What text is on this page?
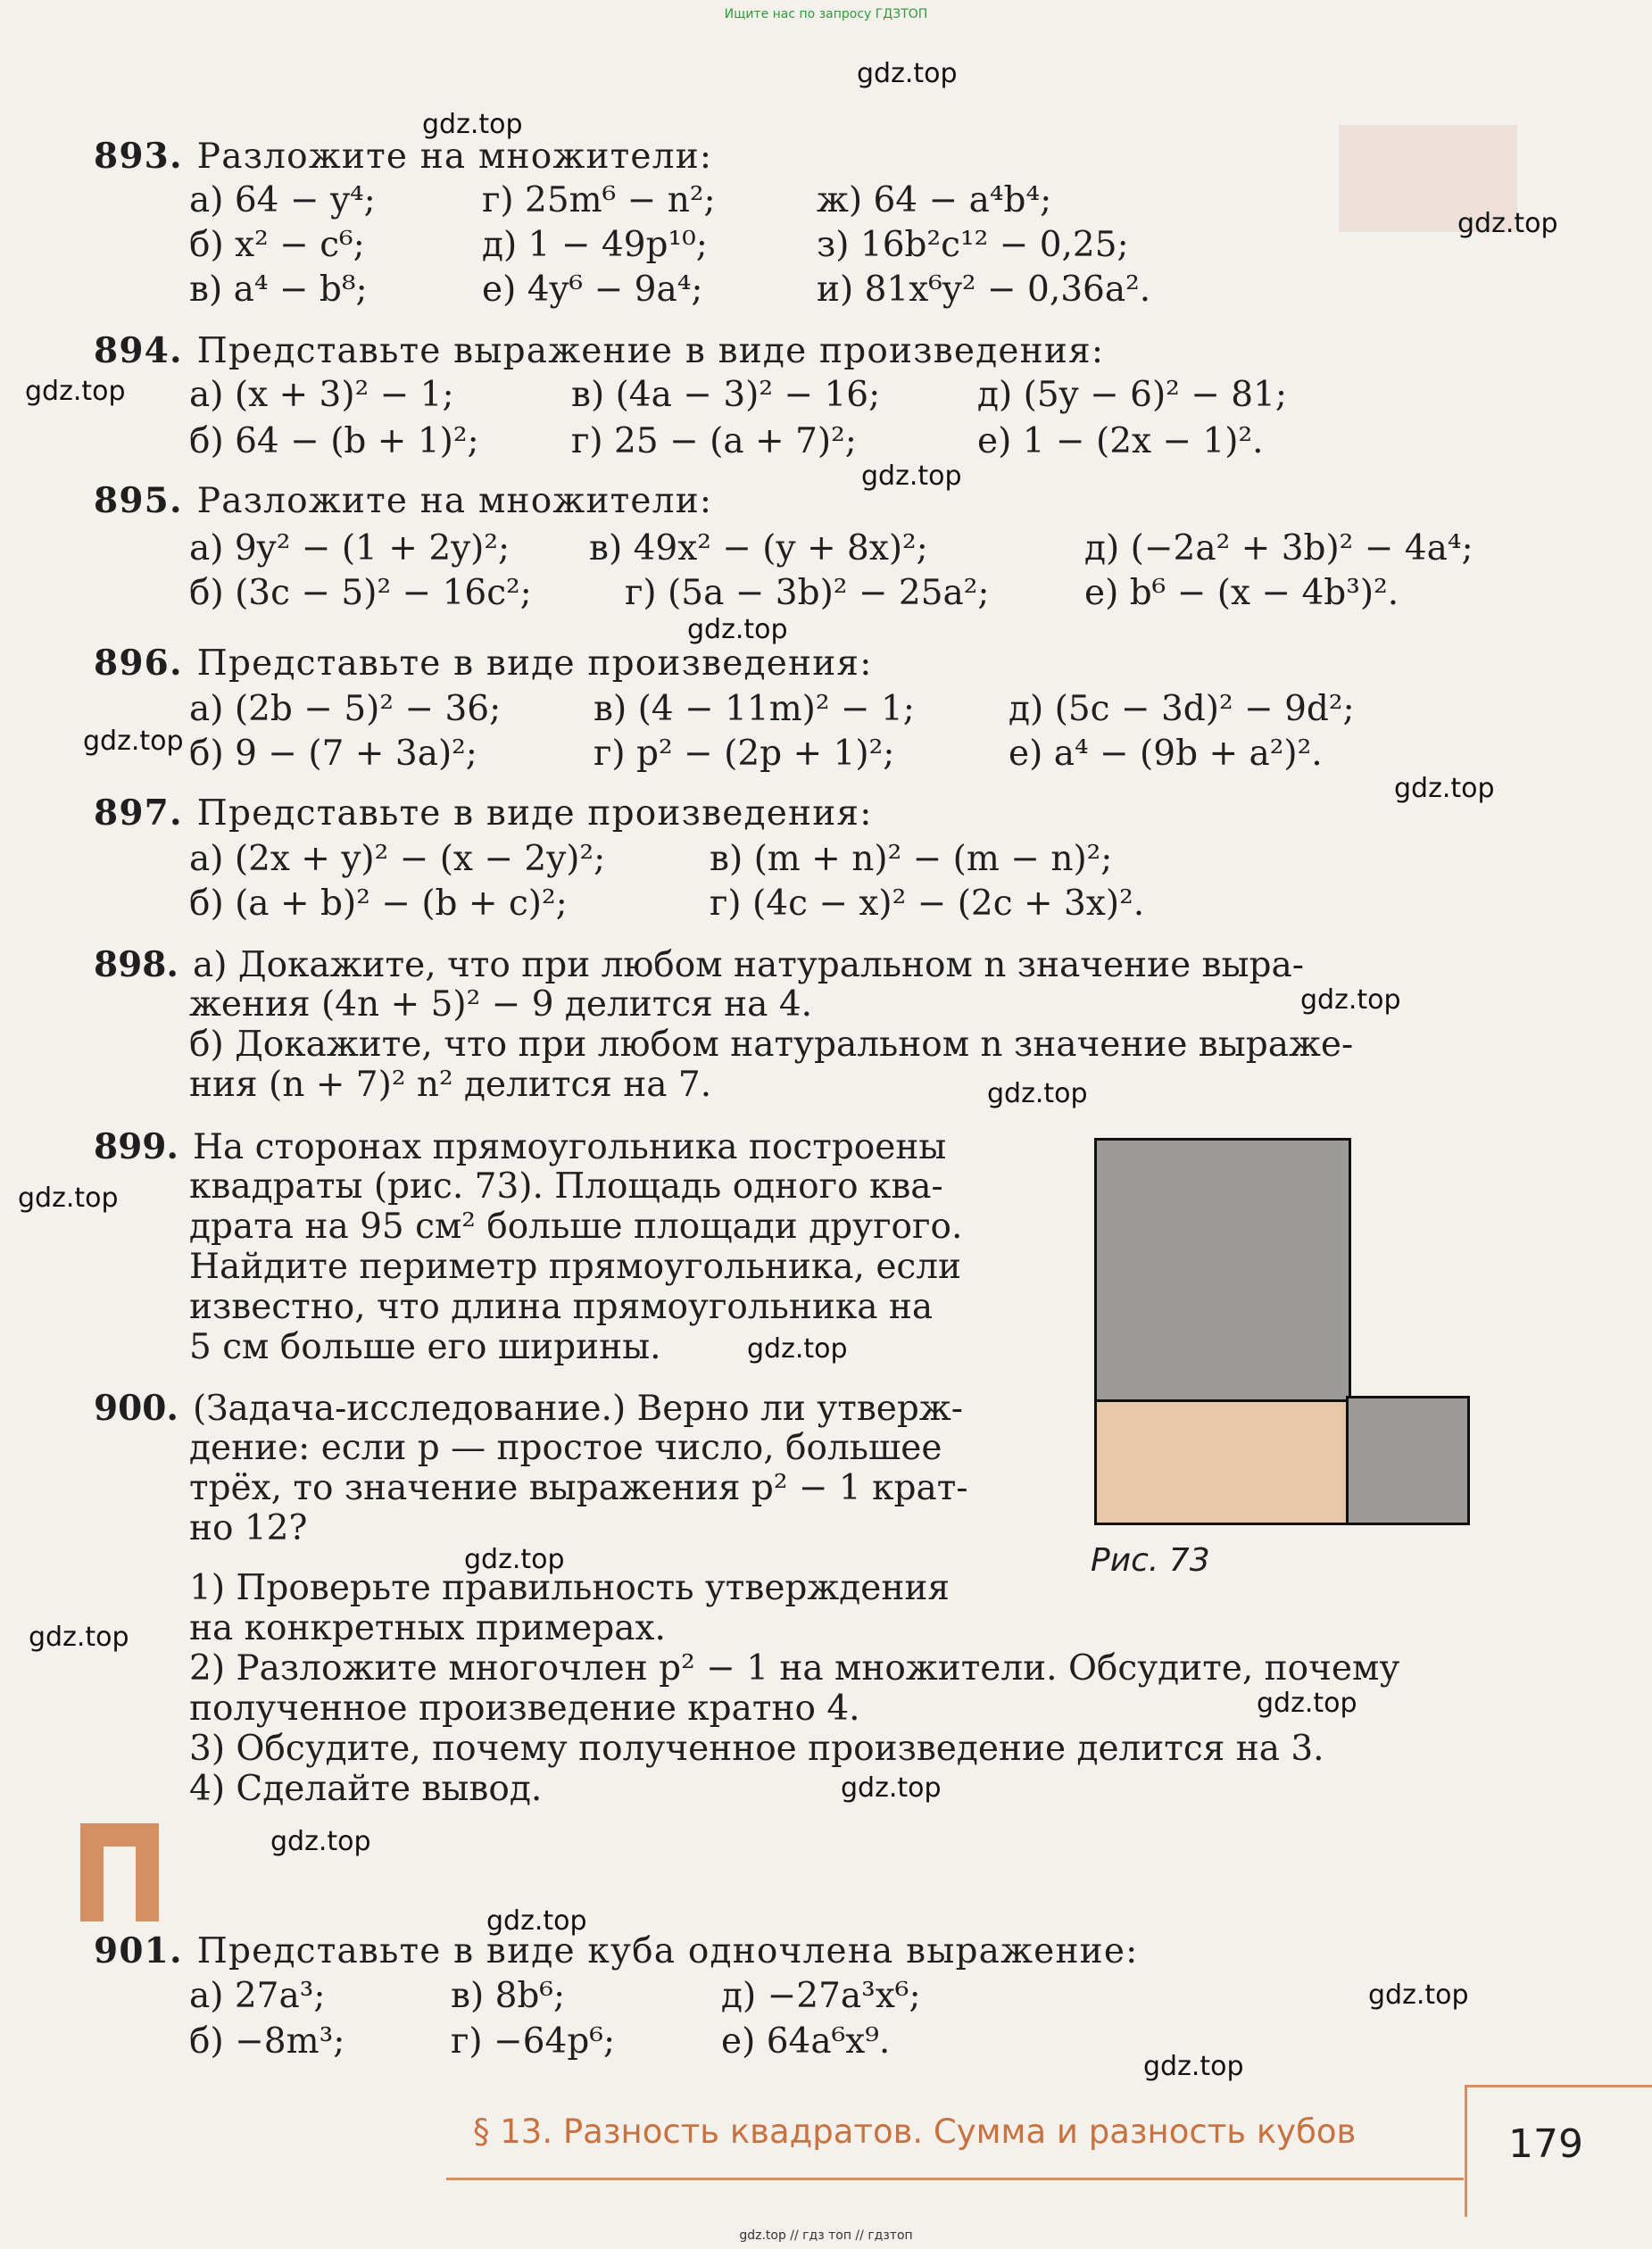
Ищите нас по запросу ГДЗТОП
gdz.top
gdz.top
gdz.top
gdz.top
gdz.top
gdz.top
gdz.top
gdz.top
gdz.top
gdz.top
gdz.top
gdz.top
gdz.top
gdz.top
gdz.top
gdz.top
gdz.top
gdz.top
gdz.top
gdz.top
893. Разложите на множители:
а) 64 − y⁴;	г) 25m⁶ − n²;	ж) 64 − a⁴b⁴;
б) x² − c⁶;	д) 1 − 49p¹⁰;	з) 16b²c¹² − 0,25;
в) a⁴ − b⁸;	е) 4y⁶ − 9a⁴;	и) 81x⁶y² − 0,36a².
894. Представьте выражение в виде произведения:
а) (x + 3)² − 1;	в) (4a − 3)² − 16;	д) (5y − 6)² − 81;
б) 64 − (b + 1)²;	г) 25 − (a + 7)²;	е) 1 − (2x − 1)².
895. Разложите на множители:
а) 9y² − (1 + 2y)²; в) 49x² − (y + 8x)²;	д) (−2a² + 3b)² − 4a⁴;
б) (3c − 5)² − 16c²;	г) (5a − 3b)² − 25a²;	е) b⁶ − (x − 4b³)².
896. Представьте в виде произведения:
а) (2b − 5)² − 36;	в) (4 − 11m)² − 1;	д) (5c − 3d)² − 9d²;
б) 9 − (7 + 3a)²;	г) p² − (2p + 1)²;	е) a⁴ − (9b + a²)².
897. Представьте в виде произведения:
а) (2x + y)² − (x − 2y)²;	в) (m + n)² − (m − n)²;
б) (a + b)² − (b + c)²;	г) (4c − x)² − (2c + 3x)².
898. а) Докажите, что при любом натуральном n значение выра-
жения (4n + 5)² − 9 делится на 4.
б) Докажите, что при любом натуральном n значение выраже-
ния (n + 7)² n² делится на 7.
899. На сторонах прямоугольника построены
квадраты (рис. 73). Площадь одного ква-
драта на 95 см² больше площади другого.
Найдите периметр прямоугольника, если
известно, что длина прямоугольника на
5 см больше его ширины.
Рис. 73
900. (Задача-исследование.) Верно ли утверж-
дение: если p — простое число, большее
трёх, то значение выражения p² − 1 крат-
но 12?
1) Проверьте правильность утверждения
на конкретных примерах.
2) Разложите многочлен p² − 1 на множители. Обсудите, почему
полученное произведение кратно 4.
3) Обсудите, почему полученное произведение делится на 3.
4) Сделайте вывод.
901. Представьте в виде куба одночлена выражение:
а) 27a³;	в) 8b⁶;	д) −27a³x⁶;
б) −8m³;	г) −64p⁶;	е) 64a⁶x⁹.
§ 13. Разность квадратов. Сумма и разность кубов	179
gdz.top // гдз топ // гдзтоп
